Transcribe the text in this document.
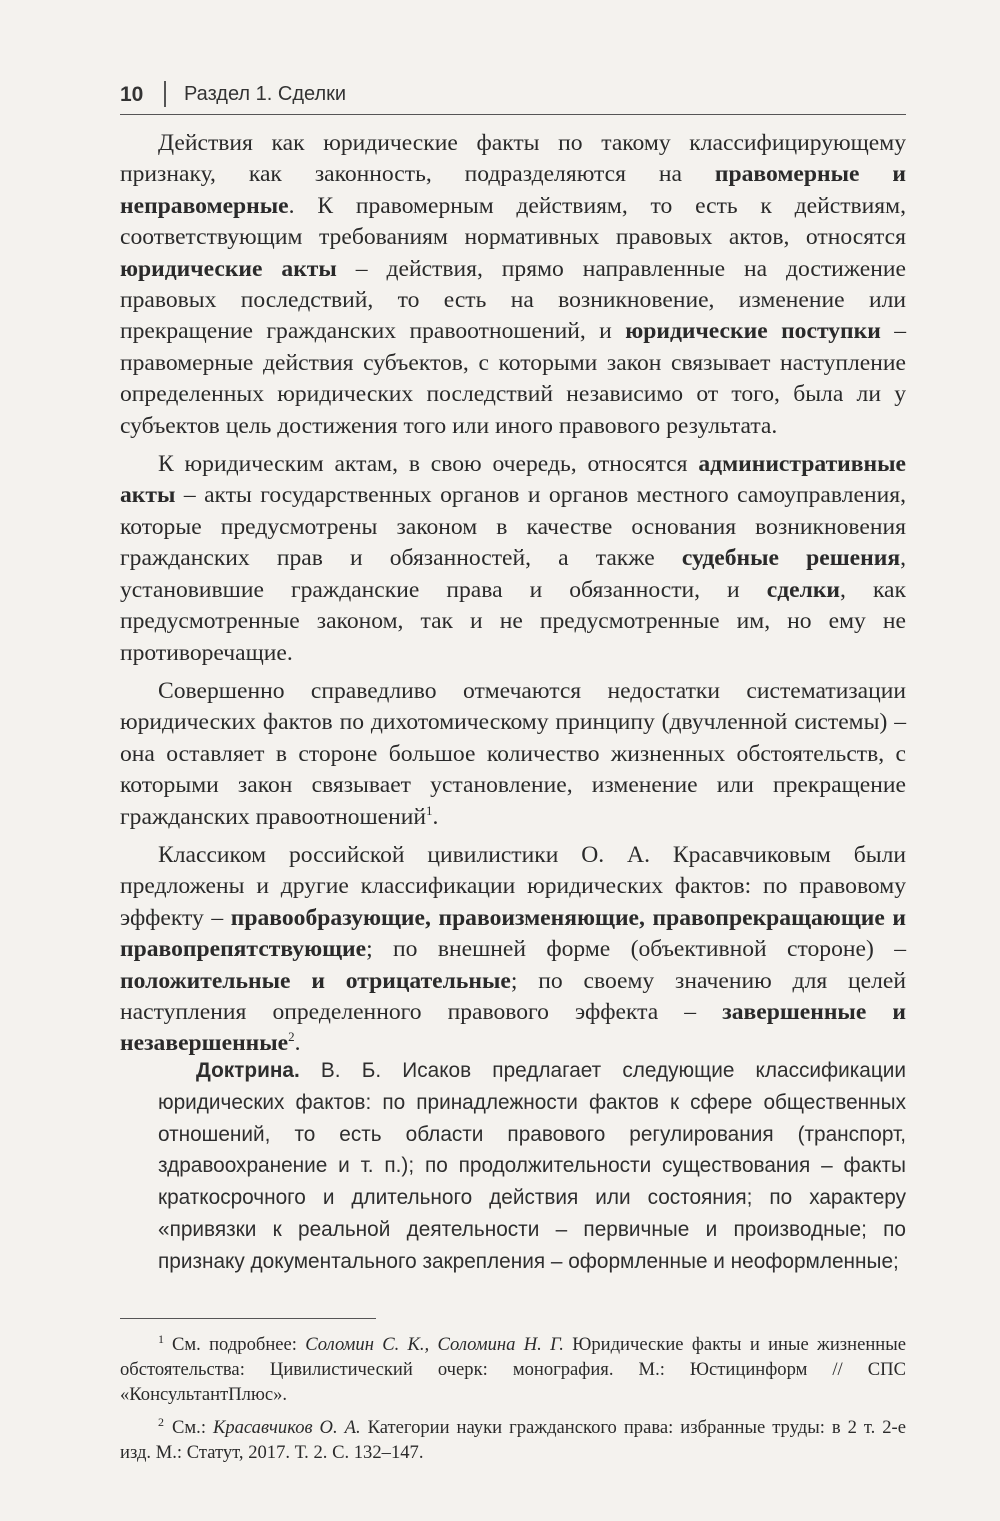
10 Раздел 1. Сделки

Действия как юридические факты по такому классифицирующему признаку, как законность, подразделяются на правомерные и неправомерные. К правомерным действиям, то есть к действиям, соответствующим требованиям нормативных правовых актов, относятся юридические акты – действия, прямо направленные на достижение правовых последствий, то есть на возникновение, изменение или прекращение гражданских правоотношений, и юридические поступки – правомерные действия субъектов, с которыми закон связывает наступление определенных юридических последствий независимо от того, была ли у субъектов цель достижения того или иного правового результата.

К юридическим актам, в свою очередь, относятся административные акты – акты государственных органов и органов местного самоуправления, которые предусмотрены законом в качестве основания возникновения гражданских прав и обязанностей, а также судебные решения, установившие гражданские права и обязанности, и сделки, как предусмотренные законом, так и не предусмотренные им, но ему не противоречащие.

Совершенно справедливо отмечаются недостатки систематизации юридических фактов по дихотомическому принципу (двучленной системы) – она оставляет в стороне большое количество жизненных обстоятельств, с которыми закон связывает установление, изменение или прекращение гражданских правоотношений$^1$.

Классиком российской цивилистики О. А. Красавчиковым были предложены и другие классификации юридических фактов: по правовому эффекту – правообразующие, правоизменяющие, правопрекращающие и правопрепятствующие; по внешней форме (объективной стороне) – положительные и отрицательные; по своему значению для целей наступления определенного правового эффекта – завершенные и незавершенные$^2$.

Доктрина. В. Б. Исаков предлагает следующие классификации юридических фактов: по принадлежности фактов к сфере общественных отношений, то есть области правового регулирования (транспорт, здравоохранение и т. п.); по продолжительности существования – факты краткосрочного и длительного действия или состояния; по характеру «привязки к реальной деятельности – первичные и производные; по признаку документального закрепления – оформленные и неоформленные;

$^1$ См. подробнее: Соломин С. К., Соломина Н. Г. Юридические факты и иные жизненные обстоятельства: Цивилистический очерк: монография. М.: Юстицинформ // СПС «КонсультантПлюс».

$^2$ См.: Красавчиков О. А. Категории науки гражданского права: избранные труды: в 2 т. 2-е изд. М.: Статут, 2017. Т. 2. С. 132–147.
